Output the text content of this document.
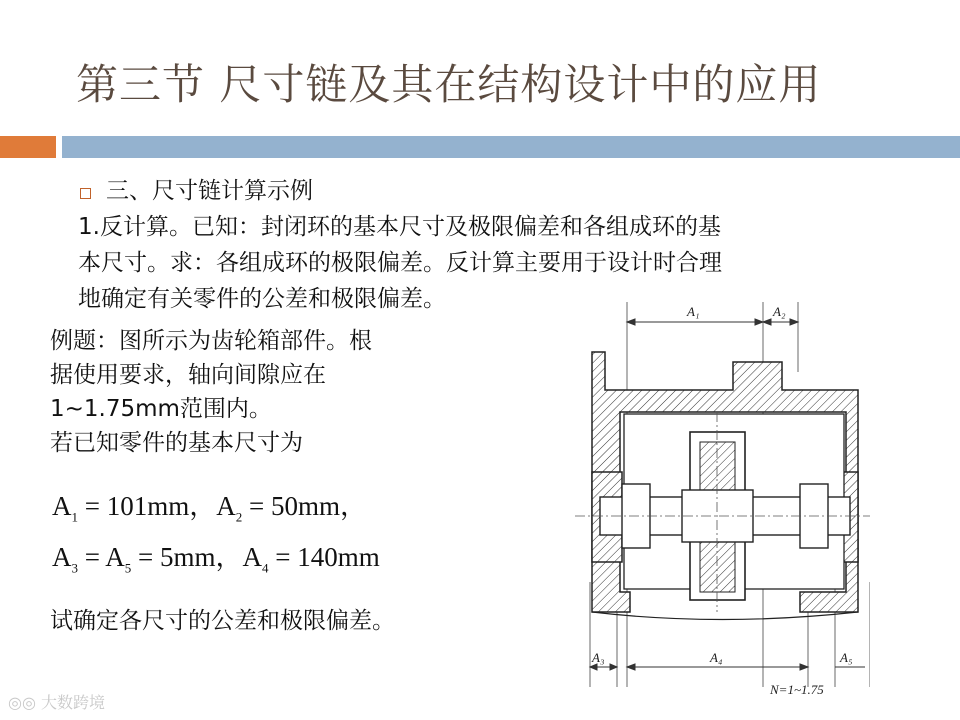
第三节 尺寸链及其在结构设计中的应用
三、尺寸链计算示例
1.反计算。已知：封闭环的基本尺寸及极限偏差和各组成环的基
本尺寸。求：各组成环的极限偏差。反计算主要用于设计时合理
地确定有关零件的公差和极限偏差。
例题：图所示为齿轮箱部件。根
据使用要求，轴向间隙应在
1~1.75mm范围内。
若已知零件的基本尺寸为
$A_1 = 101mm$，$A_2 = 50mm$，
$A_3 = A_5 = 5mm$，$A_4 = 140mm$
试确定各尺寸的公差和极限偏差。
A₁	A₂
A₃	A₄	A₅
N=1~1.75
◎◎ 大数跨境
